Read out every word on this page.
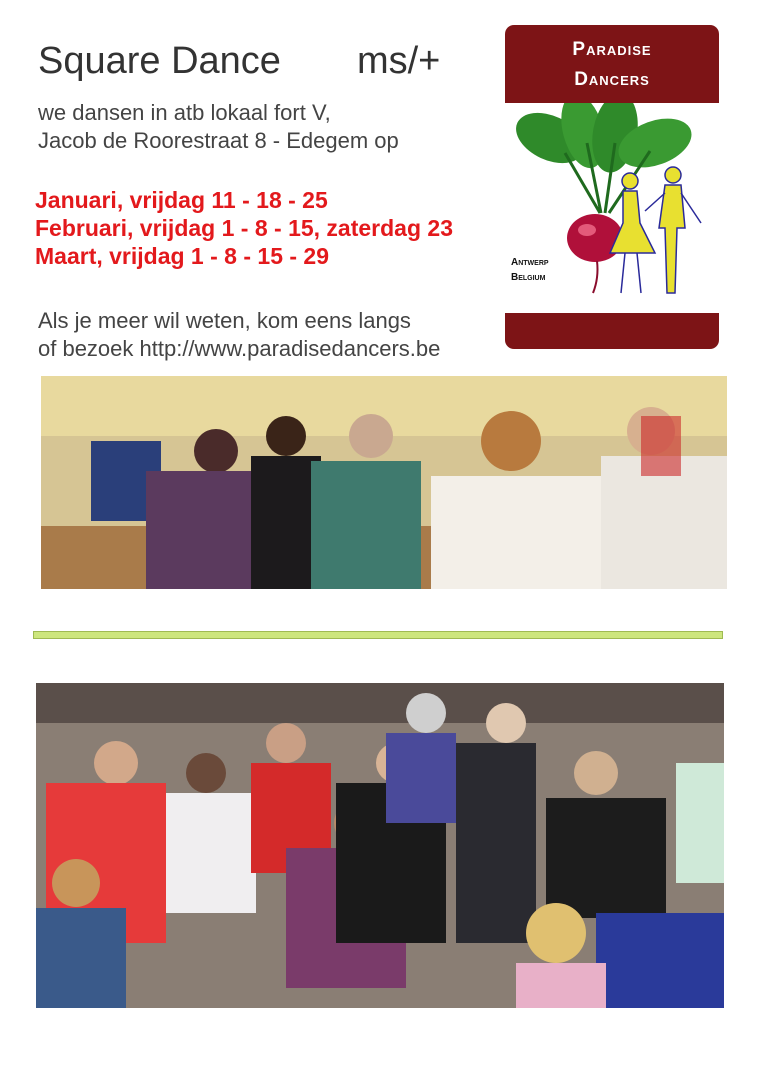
Square Dance ms/+
we dansen in atb lokaal fort V,
Jacob de Roorestraat 8 - Edegem op
Januari, vrijdag 11 - 18 - 25
Februari, vrijdag 1 - 8 - 15, zaterdag 23
Maart, vrijdag 1 - 8 - 15 - 29
Als je meer wil weten, kom eens langs
of bezoek http://www.paradisedancers.be
Paradise
Dancers
Antwerp
Belgium
